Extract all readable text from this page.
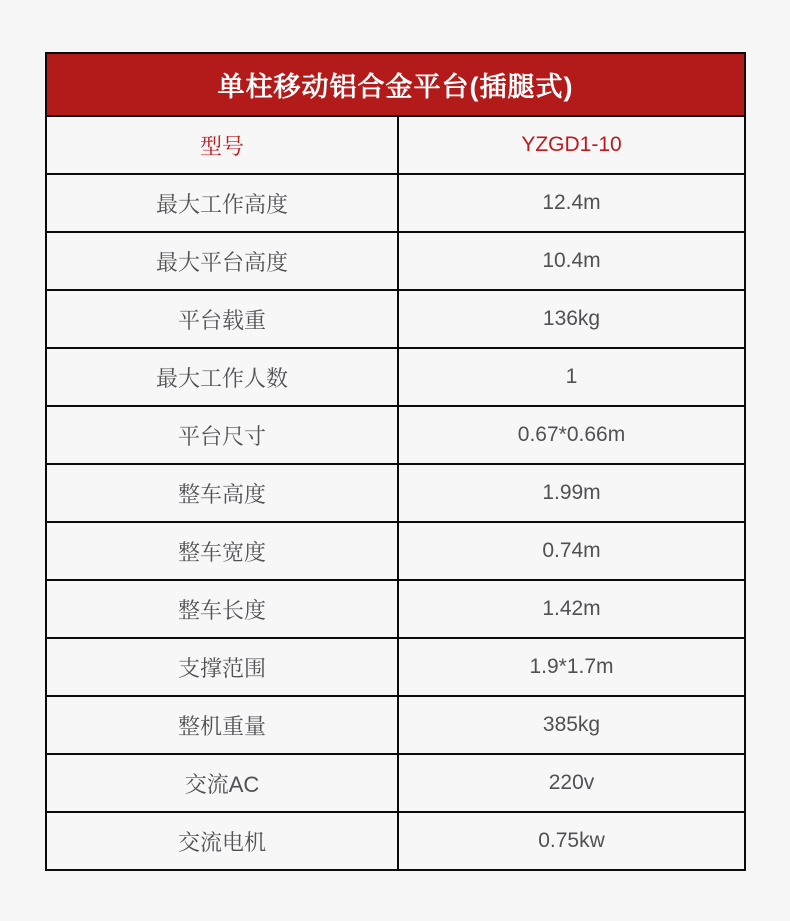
单柱移动铝合金平台(插腿式)	
型号	YZGD1-10
最大工作高度	12.4m
最大平台高度	10.4m
平台载重	136kg
最大工作人数	1
平台尺寸	0.67*0.66m
整车高度	1.99m
整车宽度	0.74m
整车长度	1.42m
支撑范围	1.9*1.7m
整机重量	385kg
交流AC	220v
交流电机	0.75kw
